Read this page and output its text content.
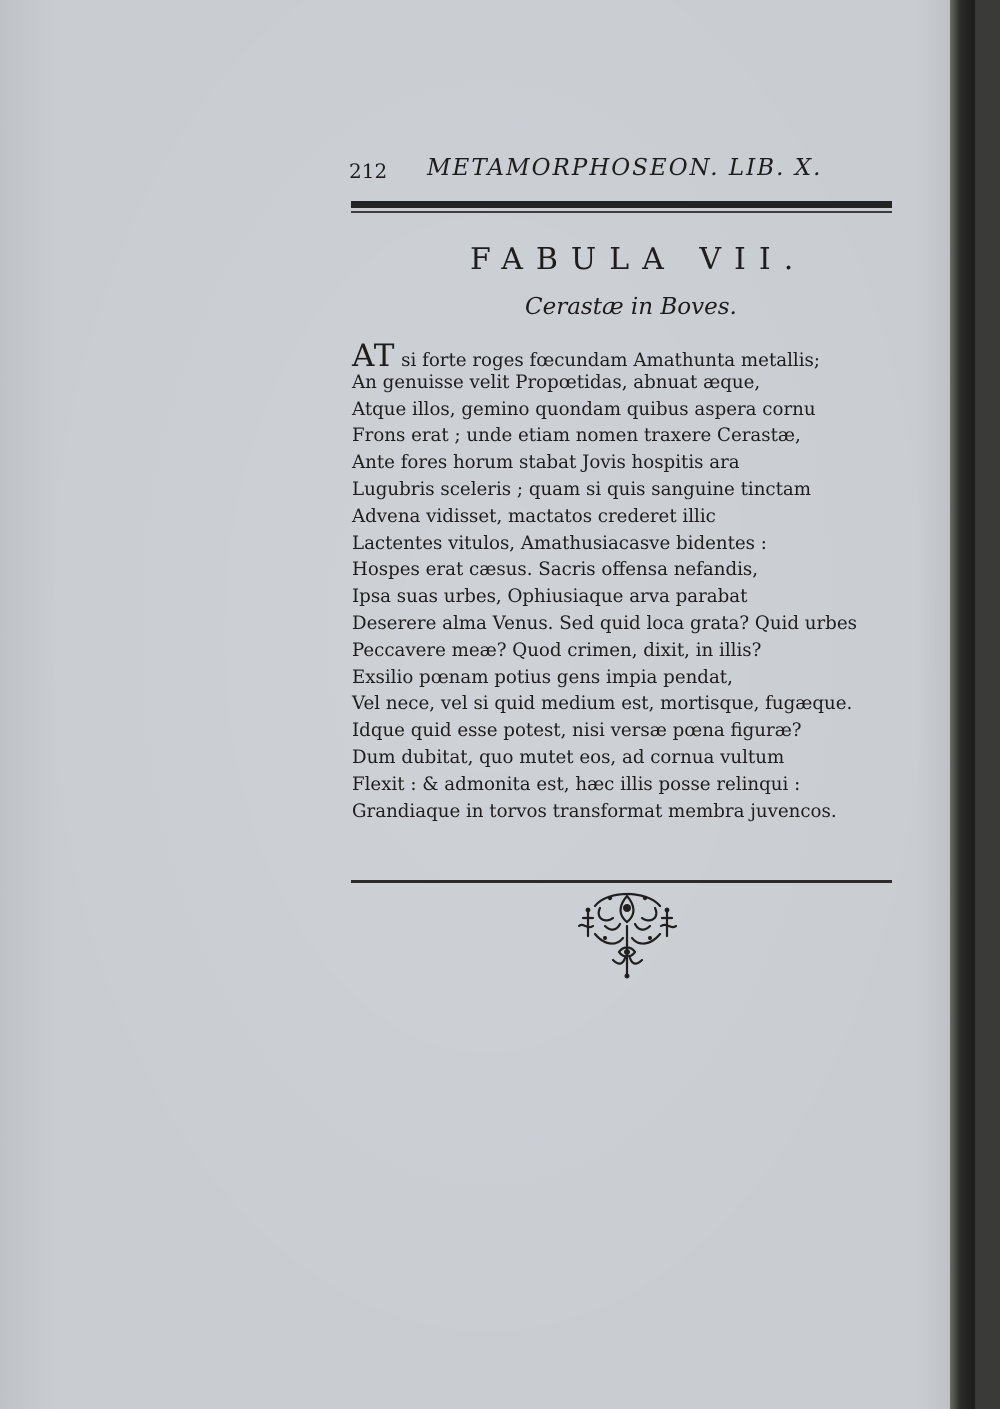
212 METAMORPHOSEON. LIB. X.
FABULA VII.
Cerastæ in Boves.
AT si forte roges fœcundam Amathunta metallis;
An genuisse velit Propœtidas, abnuat æque,
Atque illos, gemino quondam quibus aspera cornu
Frons erat ; unde etiam nomen traxere Cerastæ,
Ante fores horum stabat Jovis hospitis ara
Lugubris sceleris ; quam si quis sanguine tinctam
Advena vidisset, mactatos crederet illic
Lactentes vitulos, Amathusiacasve bidentes :
Hospes erat cæsus. Sacris offensa nefandis,
Ipsa suas urbes, Ophiusiaque arva parabat
Deserere alma Venus. Sed quid loca grata? Quid urbes
Peccavere meæ? Quod crimen, dixit, in illis?
Exsilio pœnam potius gens impia pendat,
Vel nece, vel si quid medium est, mortisque, fugæque.
Idque quid esse potest, nisi versæ pœna figuræ?
Dum dubitat, quo mutet eos, ad cornua vultum
Flexit : & admonita est, hæc illis posse relinqui :
Grandiaque in torvos transformat membra juvencos.
